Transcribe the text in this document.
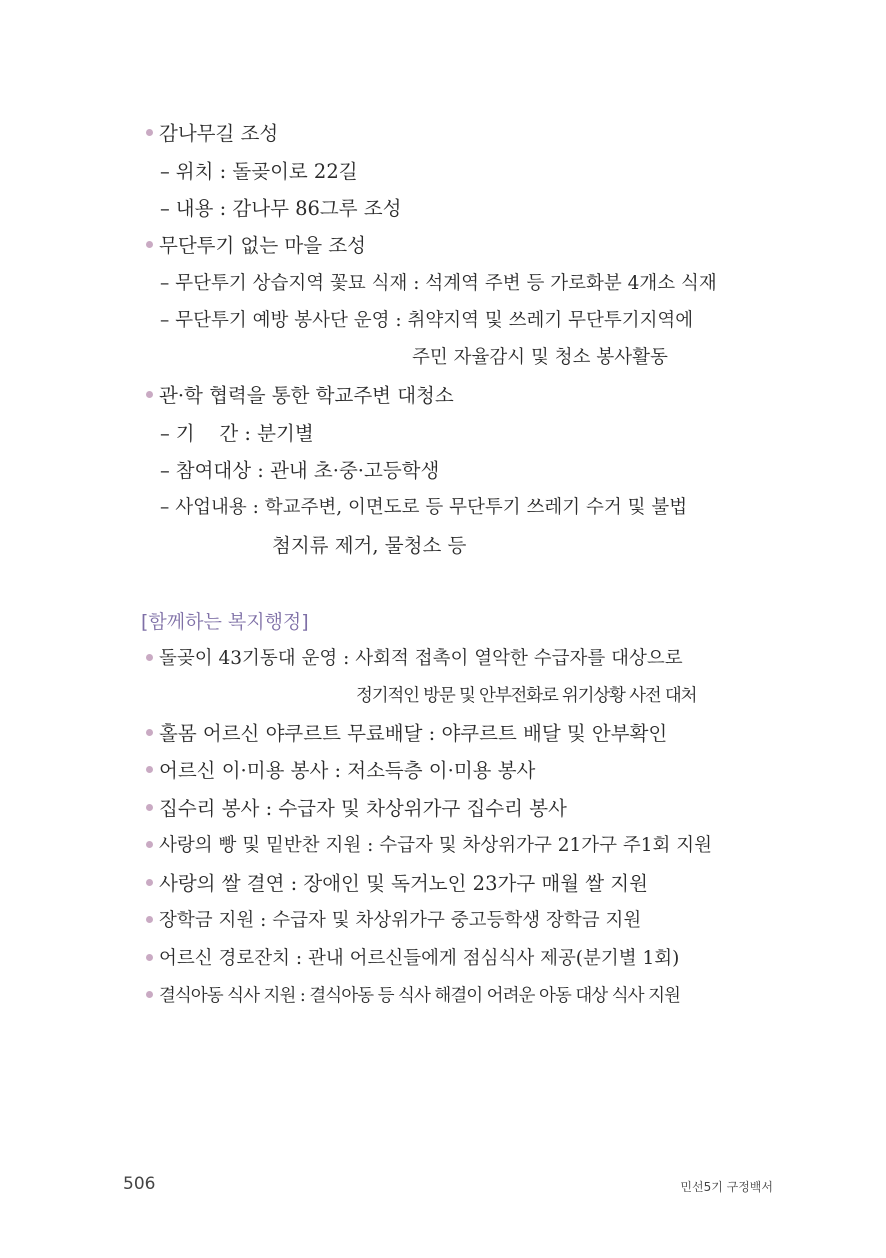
감나무길 조성
– 위치 : 돌곶이로 22길
– 내용 : 감나무 86그루 조성
무단투기 없는 마을 조성
– 무단투기 상습지역 꽃묘 식재 : 석계역 주변 등 가로화분 4개소 식재
– 무단투기 예방 봉사단 운영 : 취약지역 및 쓰레기 무단투기지역에
주민 자율감시 및 청소 봉사활동
관·학 협력을 통한 학교주변 대청소
– 기    간 : 분기별
– 참여대상 : 관내 초·중·고등학생
– 사업내용 : 학교주변, 이면도로 등 무단투기 쓰레기 수거 및 불법
첨지류 제거, 물청소 등
[함께하는 복지행정]
돌곶이 43기동대 운영 : 사회적 접촉이 열악한 수급자를 대상으로
정기적인 방문 및 안부전화로 위기상황 사전 대처
홀몸 어르신 야쿠르트 무료배달 : 야쿠르트 배달 및 안부확인
어르신 이·미용 봉사 : 저소득층 이·미용 봉사
집수리 봉사 : 수급자 및 차상위가구 집수리 봉사
사랑의 빵 및 밑반찬 지원 : 수급자 및 차상위가구 21가구 주1회 지원
사랑의 쌀 결연 : 장애인 및 독거노인 23가구 매월 쌀 지원
장학금 지원 : 수급자 및 차상위가구 중고등학생 장학금 지원
어르신 경로잔치 : 관내 어르신들에게 점심식사 제공(분기별 1회)
결식아동 식사 지원 : 결식아동 등 식사 해결이 어려운 아동 대상 식사 지원
506	민선5기 구정백서
